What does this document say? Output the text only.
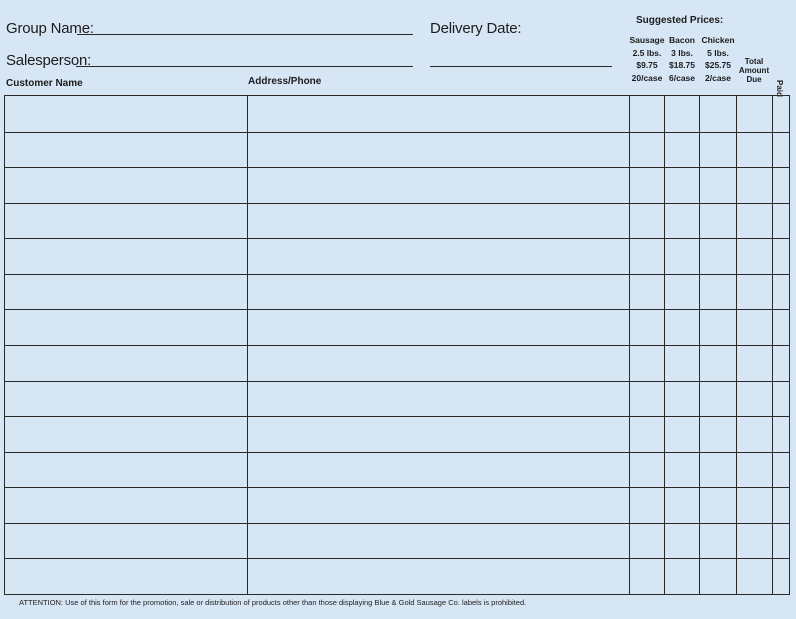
Group Name:
Salesperson:
Delivery Date:	Suggested Prices:
Sausage
2.5 lbs.
$9.75
20/case
Bacon
3 lbs.
$18.75
6/case
Chicken
5 lbs.
$25.75
2/case
Total Amount Due
Paid
Customer Name	Address/Phone
ATTENTION: Use of this form for the promotion, sale or distribution of products other than those displaying Blue & Gold Sausage Co. labels is prohibited.
